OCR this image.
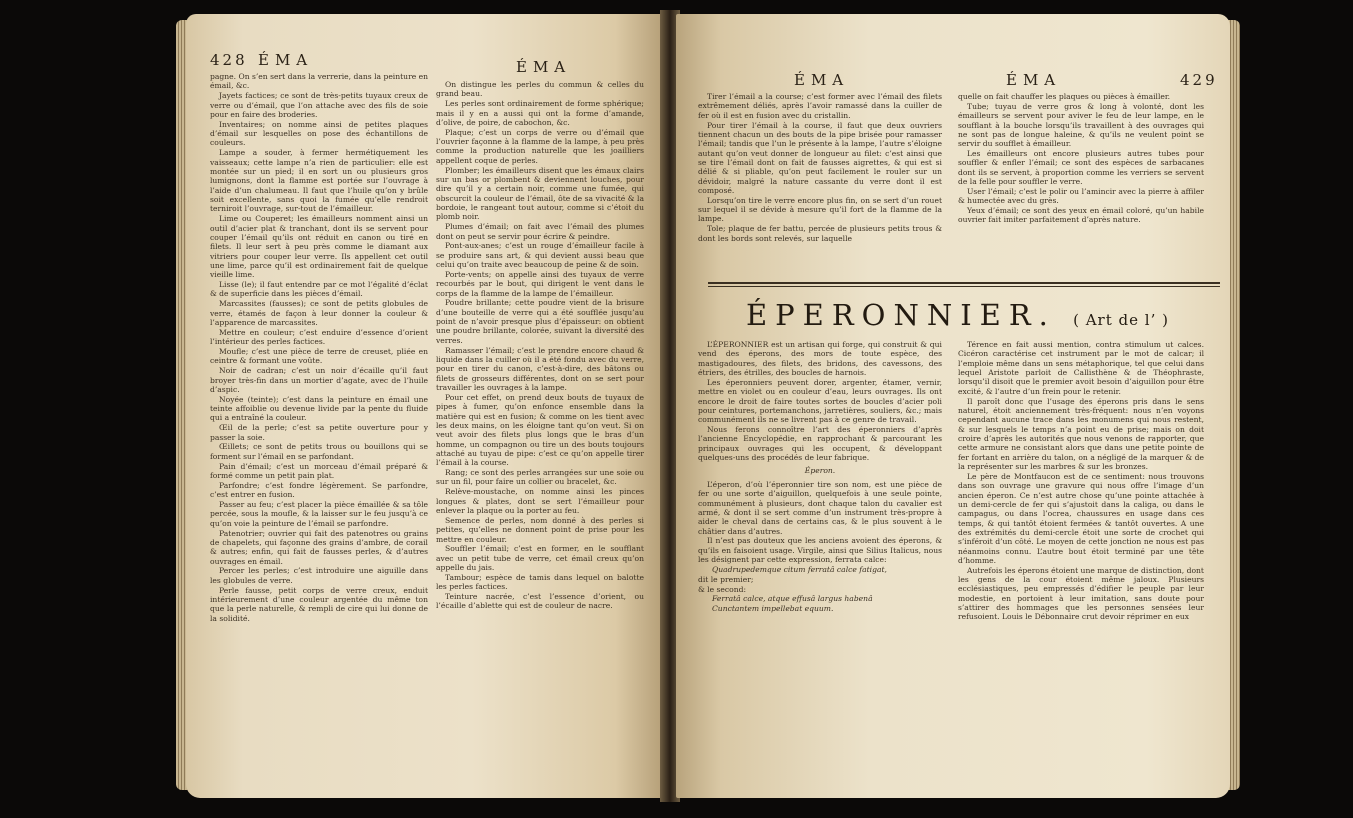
428 ÉMA	ÉMA

pagne. On s’en sert dans la verrerie, dans la peinture en émail, &c.

Jayets factices; ce sont de très-petits tuyaux creux de verre ou d’émail, que l’on attache avec des fils de soie pour en faire des broderies.

Inventaires; on nomme ainsi de petites plaques d’émail sur lesquelles on pose des échantillons de couleurs.

Lampe a souder, à fermer hermétiquement les vaisseaux; cette lampe n’a rien de particulier: elle est montée sur un pied; il en sort un ou plusieurs gros lumignons, dont la flamme est portée sur l’ouvrage à l’aide d’un chalumeau. Il faut que l’huile qu’on y brûle soit excellente, sans quoi la fumée qu’elle rendroit terniroit l’ouvrage, sur-tout de l’émailleur.

Lime ou Couperet; les émailleurs nomment ainsi un outil d’acier plat & tranchant, dont ils se servent pour couper l’émail qu’ils ont réduit en canon ou tiré en filets. Il leur sert à peu près comme le diamant aux vitriers pour couper leur verre. Ils appellent cet outil une lime, parce qu’il est ordinairement fait de quelque vieille lime.

Lisse (le); il faut entendre par ce mot l’égalité d’éclat & de superficie dans les pièces d’émail.

Marcassites (fausses); ce sont de petits globules de verre, étamés de façon à leur donner la couleur & l’apparence de marcassites.

Mettre en couleur; c’est enduire d’essence d’orient l’intérieur des perles factices.

Moufle; c’est une pièce de terre de creuset, pliée en ceintre & formant une voûte.

Noir de cadran; c’est un noir d’écaille qu’il faut broyer très-fin dans un mortier d’agate, avec de l’huile d’aspic.

Noyée (teinte); c’est dans la peinture en émail une teinte affoiblie ou devenue livide par la pente du fluide qui a entraîné la couleur.

Œil de la perle; c’est sa petite ouverture pour y passer la soie.

Œillets; ce sont de petits trous ou bouillons qui se forment sur l’émail en se parfondant.

Pain d’émail; c’est un morceau d’émail préparé & formé comme un petit pain plat.

Parfondre; c’est fondre légèrement. Se parfondre, c’est entrer en fusion.

Passer au feu; c’est placer la pièce émaillée & sa tôle percée, sous la moufle, & la laisser sur le feu jusqu’à ce qu’on voie la peinture de l’émail se parfondre.

Patenotrier; ouvrier qui fait des patenotres ou grains de chapelets, qui façonne des grains d’ambre, de corail & autres; enfin, qui fait de fausses perles, & d’autres ouvrages en émail.

Percer les perles; c’est introduire une aiguille dans les globules de verre.

Perle fausse, petit corps de verre creux, enduit intérieurement d’une couleur argentée du même ton que la perle naturelle, & rempli de cire qui lui donne de la solidité.

On distingue les perles du commun & celles du grand beau.

Les perles sont ordinairement de forme sphérique; mais il y en a aussi qui ont la forme d’amande, d’olive, de poire, de cabochon, &c.

Plaque; c’est un corps de verre ou d’émail que l’ouvrier façonne à la flamme de la lampe, à peu près comme la production naturelle que les joailliers appellent coque de perles.

Plomber; les émailleurs disent que les émaux clairs sur un bas or plombent & deviennent louches, pour dire qu’il y a certain noir, comme une fumée, qui obscurcit la couleur de l’émail, ôte de sa vivacité & la bordoie, le rangeant tout autour, comme si c’étoit du plomb noir.

Plumes d’émail; on fait avec l’émail des plumes dont on peut se servir pour écrire & peindre.

Pont-aux-anes; c’est un rouge d’émailleur facile à se produire sans art, & qui devient aussi beau que celui qu’on traite avec beaucoup de peine & de soin.

Porte-vents; on appelle ainsi des tuyaux de verre recourbés par le bout, qui dirigent le vent dans le corps de la flamme de la lampe de l’émailleur.

Poudre brillante; cette poudre vient de la brisure d’une bouteille de verre qui a été soufflée jusqu’au point de n’avoir presque plus d’épaisseur: on obtient une poudre brillante, colorée, suivant la diversité des verres.

Ramasser l’émail; c’est le prendre encore chaud & liquide dans la cuiller où il a été fondu avec du verre, pour en tirer du canon, c’est-à-dire, des bâtons ou filets de grosseurs différentes, dont on se sert pour travailler les ouvrages à la lampe.

Pour cet effet, on prend deux bouts de tuyaux de pipes à fumer, qu’on enfonce ensemble dans la matière qui est en fusion; & comme on les tient avec les deux mains, on les éloigne tant qu’on veut. Si on veut avoir des filets plus longs que le bras d’un homme, un compagnon ou tire un des bouts toujours attaché au tuyau de pipe: c’est ce qu’on appelle tirer l’émail à la course.

Rang; ce sont des perles arrangées sur une soie ou sur un fil, pour faire un collier ou bracelet, &c.

Relève-moustache, on nomme ainsi les pinces longues & plates, dont se sert l’émailleur pour enlever la plaque ou la porter au feu.

Semence de perles, nom donné à des perles si petites, qu’elles ne donnent point de prise pour les mettre en couleur.

Souffler l’émail; c’est en former, en le soufflant avec un petit tube de verre, cet émail creux qu’on appelle du jais.

Tambour; espèce de tamis dans lequel on balotte les perles factices.

Teinture nacrée, c’est l’essence d’orient, ou l’écaille d’ablette qui est de couleur de nacre.

ÉMA	ÉMA	429

Tirer l’émail a la course; c’est former avec l’émail des filets extrêmement déliés, après l’avoir ramassé dans la cuiller de fer où il est en fusion avec du cristallin.

Pour tirer l’émail à la course, il faut que deux ouvriers tiennent chacun un des bouts de la pipe brisée pour ramasser l’émail; tandis que l’un le présente à la lampe, l’autre s’éloigne autant qu’on veut donner de longueur au filet: c’est ainsi que se tire l’émail dont on fait de fausses aigrettes, & qui est si délié & si pliable, qu’on peut facilement le rouler sur un dévidoir, malgré la nature cassante du verre dont il est composé.

Lorsqu’on tire le verre encore plus fin, on se sert d’un rouet sur lequel il se dévide à mesure qu’il fort de la flamme de la lampe.

Tole; plaque de fer battu, percée de plusieurs petits trous & dont les bords sont relevés, sur laquelle

quelle on fait chauffer les plaques ou pièces à émailler.

Tube; tuyau de verre gros & long à volonté, dont les émailleurs se servent pour aviver le feu de leur lampe, en le soufflant à la bouche lorsqu’ils travaillent à des ouvrages qui ne sont pas de longue haleine, & qu’ils ne veulent point se servir du soufflet à émailleur.

Les émailleurs ont encore plusieurs autres tubes pour souffler & enfler l’émail; ce sont des espèces de sarbacanes dont ils se servent, à proportion comme les verriers se servent de la felle pour souffler le verre.

User l’émail; c’est le polir ou l’amincir avec la pierre à affiler & humectée avec du grès.

Yeux d’émail; ce sont des yeux en émail coloré, qu’un habile ouvrier fait imiter parfaitement d’après nature.

ÉPERONNIER. ( Art de l’ )

L’ÉPERONNIER est un artisan qui forge, qui construit & qui vend des éperons, des mors de toute espèce, des mastigadoures, des filets, des bridons, des cavessons, des étriers, des étrilles, des boucles de harnois.

Les éperonniers peuvent dorer, argenter, étamer, vernir, mettre en violet ou en couleur d’eau, leurs ouvrages. Ils ont encore le droit de faire toutes sortes de boucles d’acier poli pour ceintures, portemanchons, jarretières, souliers, &c.; mais communément ils ne se livrent pas à ce genre de travail.

Nous ferons connoître l’art des éperonniers d’après l’ancienne Encyclopédie, en rapprochant & parcourant les principaux ouvrages qui les occupent, & développant quelques-uns des procédés de leur fabrique.

Éperon.

L’éperon, d’où l’éperonnier tire son nom, est une pièce de fer ou une sorte d’aiguillon, quelquefois à une seule pointe, communément à plusieurs, dont chaque talon du cavalier est armé, & dont il se sert comme d’un instrument très-propre à aider le cheval dans de certains cas, & le plus souvent à le châtier dans d’autres.

Il n’est pas douteux que les anciens avoient des éperons, & qu’ils en faisoient usage. Virgile, ainsi que Silius Italicus, nous les désignent par cette expression, ferrata calce:

Quadrupedemque citum ferratâ calce fatigat,

dit le premier;

& le second:

Ferratâ calce, atque effusâ largus habenâ

Cunctantem impellebat equum.

Térence en fait aussi mention, contra stimulum ut calces. Cicéron caractérise cet instrument par le mot de calcar; il l’emploie même dans un sens métaphorique, tel que celui dans lequel Aristote parloit de Callisthène & de Théophraste, lorsqu’il disoit que le premier avoit besoin d’aiguillon pour être excité, & l’autre d’un frein pour le retenir.

Il paroît donc que l’usage des éperons pris dans le sens naturel, étoit anciennement très-fréquent: nous n’en voyons cependant aucune trace dans les monumens qui nous restent, & sur lesquels le temps n’a point eu de prise; mais on doit croire d’après les autorités que nous venons de rapporter, que cette armure ne consistant alors que dans une petite pointe de fer fortant en arrière du talon, on a négligé de la marquer & de la représenter sur les marbres & sur les bronzes.

Le père de Montfaucon est de ce sentiment: nous trouvons dans son ouvrage une gravure qui nous offre l’image d’un ancien éperon. Ce n’est autre chose qu’une pointe attachée à un demi-cercle de fer qui s’ajustoit dans la caliga, ou dans le campagus, ou dans l’ocrea, chaussures en usage dans ces temps, & qui tantôt étoient fermées & tantôt ouvertes. A une des extrémités du demi-cercle étoit une sorte de crochet qui s’inféroit d’un côté. Le moyen de cette jonction ne nous est pas néanmoins connu. L’autre bout étoit terminé par une tête d’homme.

Autrefois les éperons étoient une marque de distinction, dont les gens de la cour étoient même jaloux. Plusieurs ecclésiastiques, peu empressés d’édifier le peuple par leur modestie, en portoient à leur imitation, sans doute pour s’attirer des hommages que les personnes sensées leur refusoient. Louis le Débonnaire crut devoir réprimer en eux
